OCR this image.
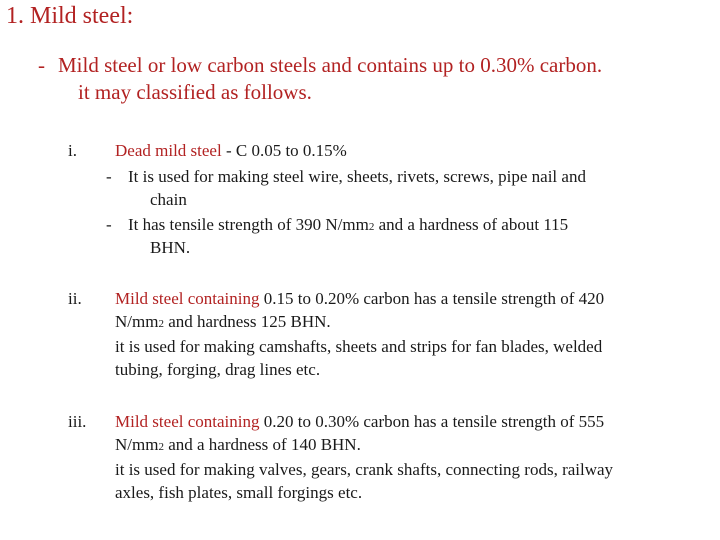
1. Mild steel:
- Mild steel or low carbon steels and contains up to 0.30% carbon.
it may classified as follows.
i. Dead mild steel - C 0.05 to 0.15%
- It is used for making steel wire, sheets, rivets, screws, pipe nail and
chain
- It has tensile strength of 390 N/mm2 and a hardness of about 115
BHN.
ii. Mild steel containing 0.15 to 0.20% carbon has a tensile strength of 420
N/mm2 and hardness 125 BHN.
it is used for making camshafts, sheets and strips for fan blades, welded
tubing, forging, drag lines etc.
iii. Mild steel containing 0.20 to 0.30% carbon has a tensile strength of 555
N/mm2 and a hardness of 140 BHN.
it is used for making valves, gears, crank shafts, connecting rods, railway
axles, fish plates, small forgings etc.
